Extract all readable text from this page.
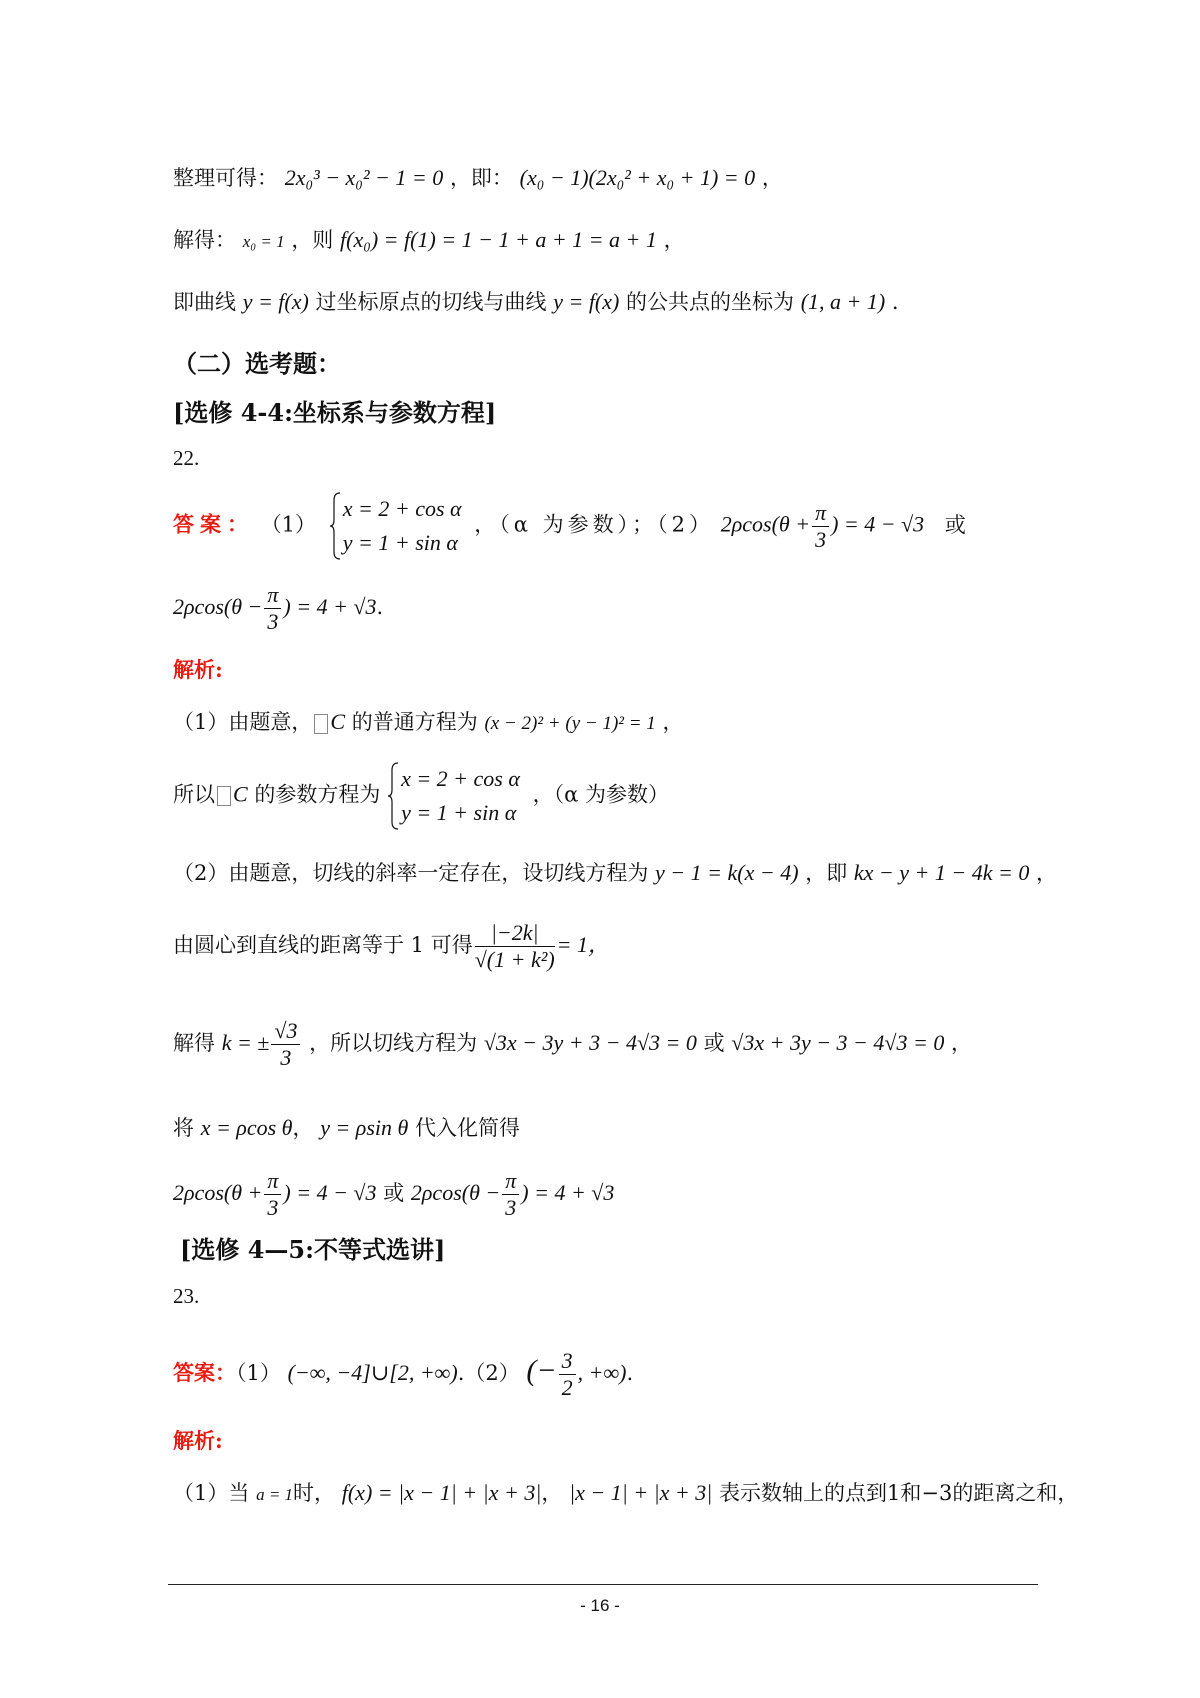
整理可得： 2x₀³ − x₀² − 1 = 0 ，即： (x₀ − 1)(2x₀² + x₀ + 1) = 0 ，
解得： x₀ = 1 ，则 f(x₀) = f(1) = 1 − 1 + a + 1 = a + 1 ，
即曲线 y = f(x) 过坐标原点的切线与曲线 y = f(x) 的公共点的坐标为 (1, a + 1) .
（二）选考题：
[选修 4-4:坐标系与参数方程]
22.
答案： （1）
x = 2 + cos α
y = 1 + sin α
，（α 为参数）；（2） $2\rho\cos(\theta + \frac{\pi}{3}$ ) = 4 − √3 或
$2\rho\cos(\theta - \frac{\pi}{3}$ ) = 4 + √3.
解析:
（1）由题意， C 的普通方程为 (x − 2)² + (y − 1)² = 1 ，
所以 C 的参数方程为
x = 2 + cos α
y = 1 + sin α
，（α 为参数）
（2）由题意，切线的斜率一定存在，设切线方程为 y − 1 = k(x − 4) ，即 kx − y + 1 − 4k = 0 ，
由圆心到直线的距离等于 1 可得 $\frac{|-2k|}{\text{√(1 + k²)}} = 1$，
解得 k = ± $\frac{√3}{3}$ ，所以切线方程为 √3x − 3y + 3 − 4√3 = 0 或 √3x + 3y − 3 − 4√3 = 0 ，
将 x = ρcos θ， y = ρsin θ 代入化简得
$2\rho\cos(\theta + \frac{\pi}{3}$ ) = 4 − √3 或 $2\rho\cos(\theta - \frac{\pi}{3}$ ) = 4 + √3
[选修 4—5:不等式选讲]
23.
答案：（1） (−∞, −4]∪[2, +∞).（2） (− $\frac{3}{2}$ , +∞).
解析:
（1）当 a = 1时， f(x) = |x − 1| + |x + 3|， |x − 1| + |x + 3| 表示数轴上的点到1和−3的距离之和，
- 16 -
